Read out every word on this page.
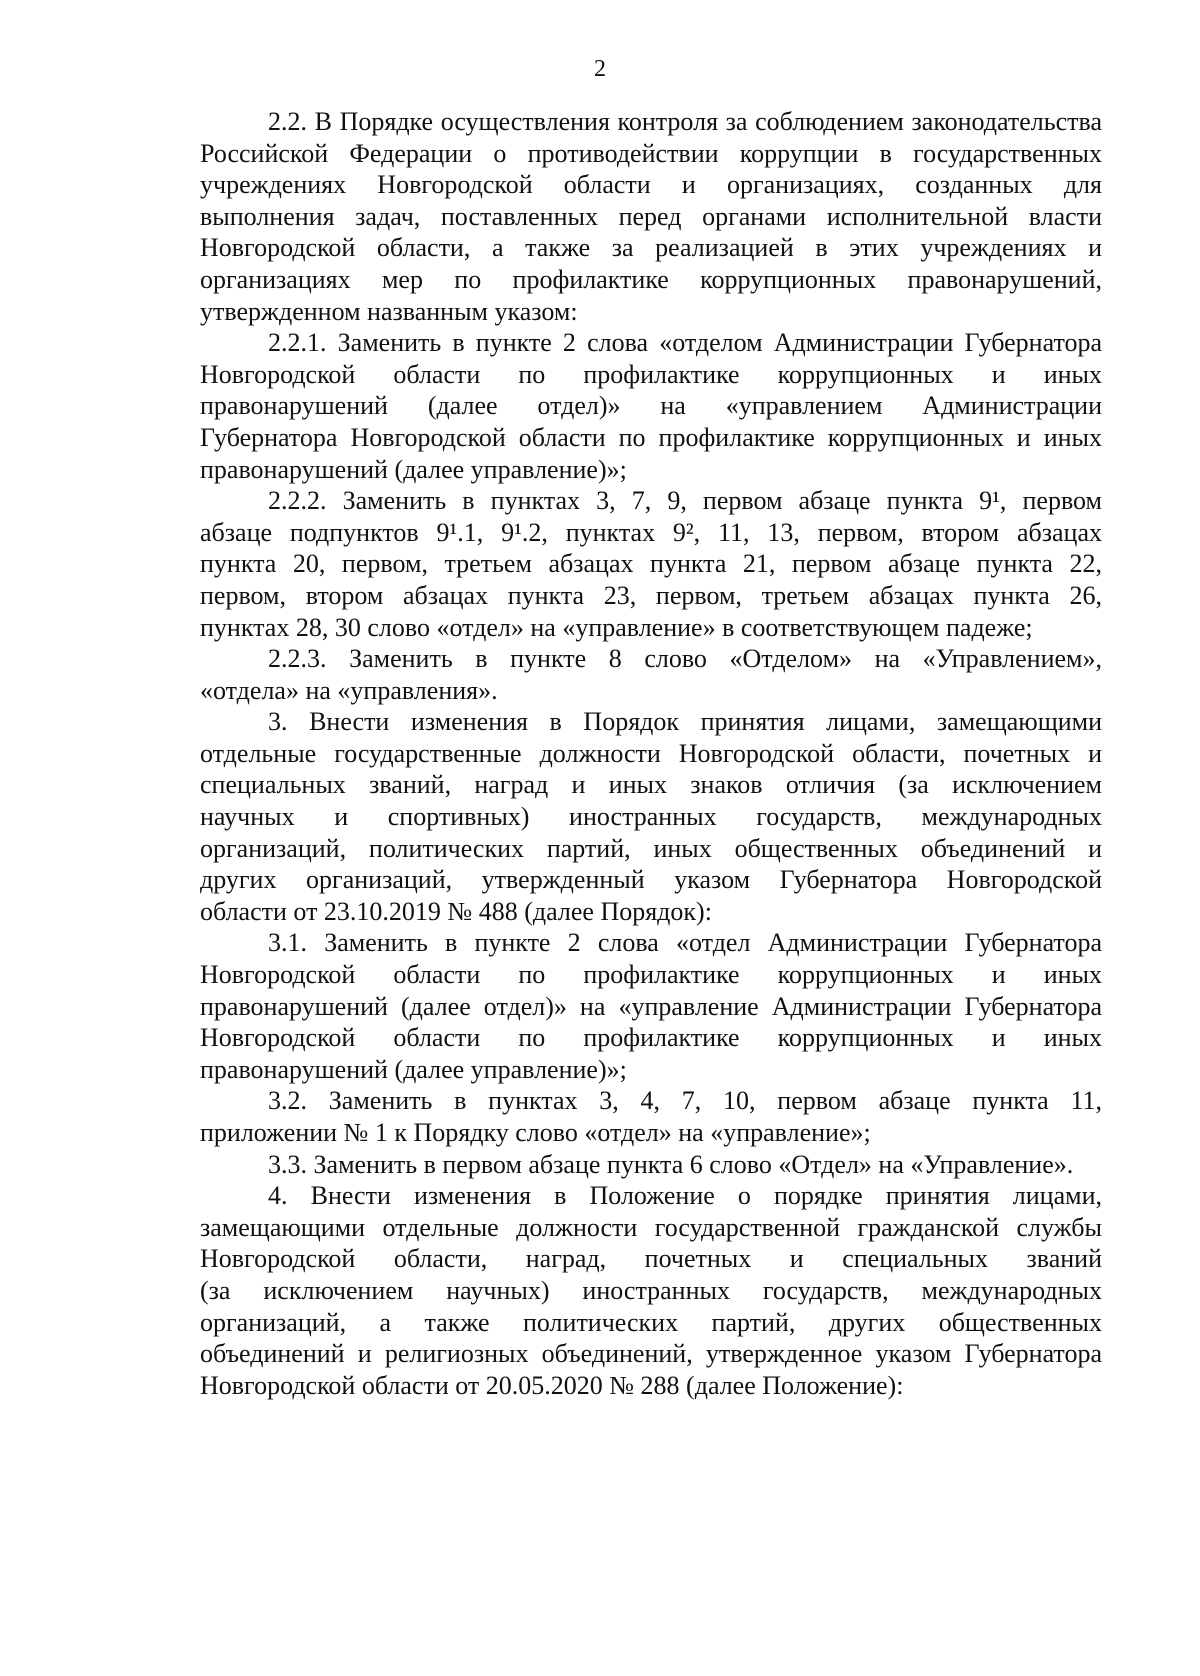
2

2.2. В Порядке осуществления контроля за соблюдением законодательства
Российской Федерации о противодействии коррупции в государственных
учреждениях Новгородской области и организациях, созданных для
выполнения задач, поставленных перед органами исполнительной власти
Новгородской области, а также за реализацией в этих учреждениях и
организациях мер по профилактике коррупционных правонарушений,
утвержденном названным указом:

2.2.1. Заменить в пункте 2 слова «отделом Администрации Губернатора
Новгородской области по профилактике коррупционных и иных
правонарушений (далее отдел)» на «управлением Администрации
Губернатора Новгородской области по профилактике коррупционных и иных
правонарушений (далее управление)»;

2.2.2. Заменить в пунктах 3, 7, 9, первом абзаце пункта 9¹, первом
абзаце подпунктов 9¹.1, 9¹.2, пунктах 9², 11, 13, первом, втором абзацах
пункта 20, первом, третьем абзацах пункта 21, первом абзаце пункта 22,
первом, втором абзацах пункта 23, первом, третьем абзацах пункта 26,
пунктах 28, 30 слово «отдел» на «управление» в соответствующем падеже;

2.2.3. Заменить в пункте 8 слово «Отделом» на «Управлением»,
«отдела» на «управления».

3. Внести изменения в Порядок принятия лицами, замещающими
отдельные государственные должности Новгородской области, почетных и
специальных званий, наград и иных знаков отличия (за исключением
научных и спортивных) иностранных государств, международных
организаций, политических партий, иных общественных объединений и
других организаций, утвержденный указом Губернатора Новгородской
области от 23.10.2019 № 488 (далее Порядок):

3.1. Заменить в пункте 2 слова «отдел Администрации Губернатора
Новгородской области по профилактике коррупционных и иных
правонарушений (далее отдел)» на «управление Администрации Губернатора
Новгородской области по профилактике коррупционных и иных
правонарушений (далее управление)»;

3.2. Заменить в пунктах 3, 4, 7, 10, первом абзаце пункта 11,
приложении № 1 к Порядку слово «отдел» на «управление»;

3.3. Заменить в первом абзаце пункта 6 слово «Отдел» на «Управление».

4. Внести изменения в Положение о порядке принятия лицами,
замещающими отдельные должности государственной гражданской службы
Новгородской области, наград, почетных и специальных званий
(за исключением научных) иностранных государств, международных
организаций, а также политических партий, других общественных
объединений и религиозных объединений, утвержденное указом Губернатора
Новгородской области от 20.05.2020 № 288 (далее Положение):
